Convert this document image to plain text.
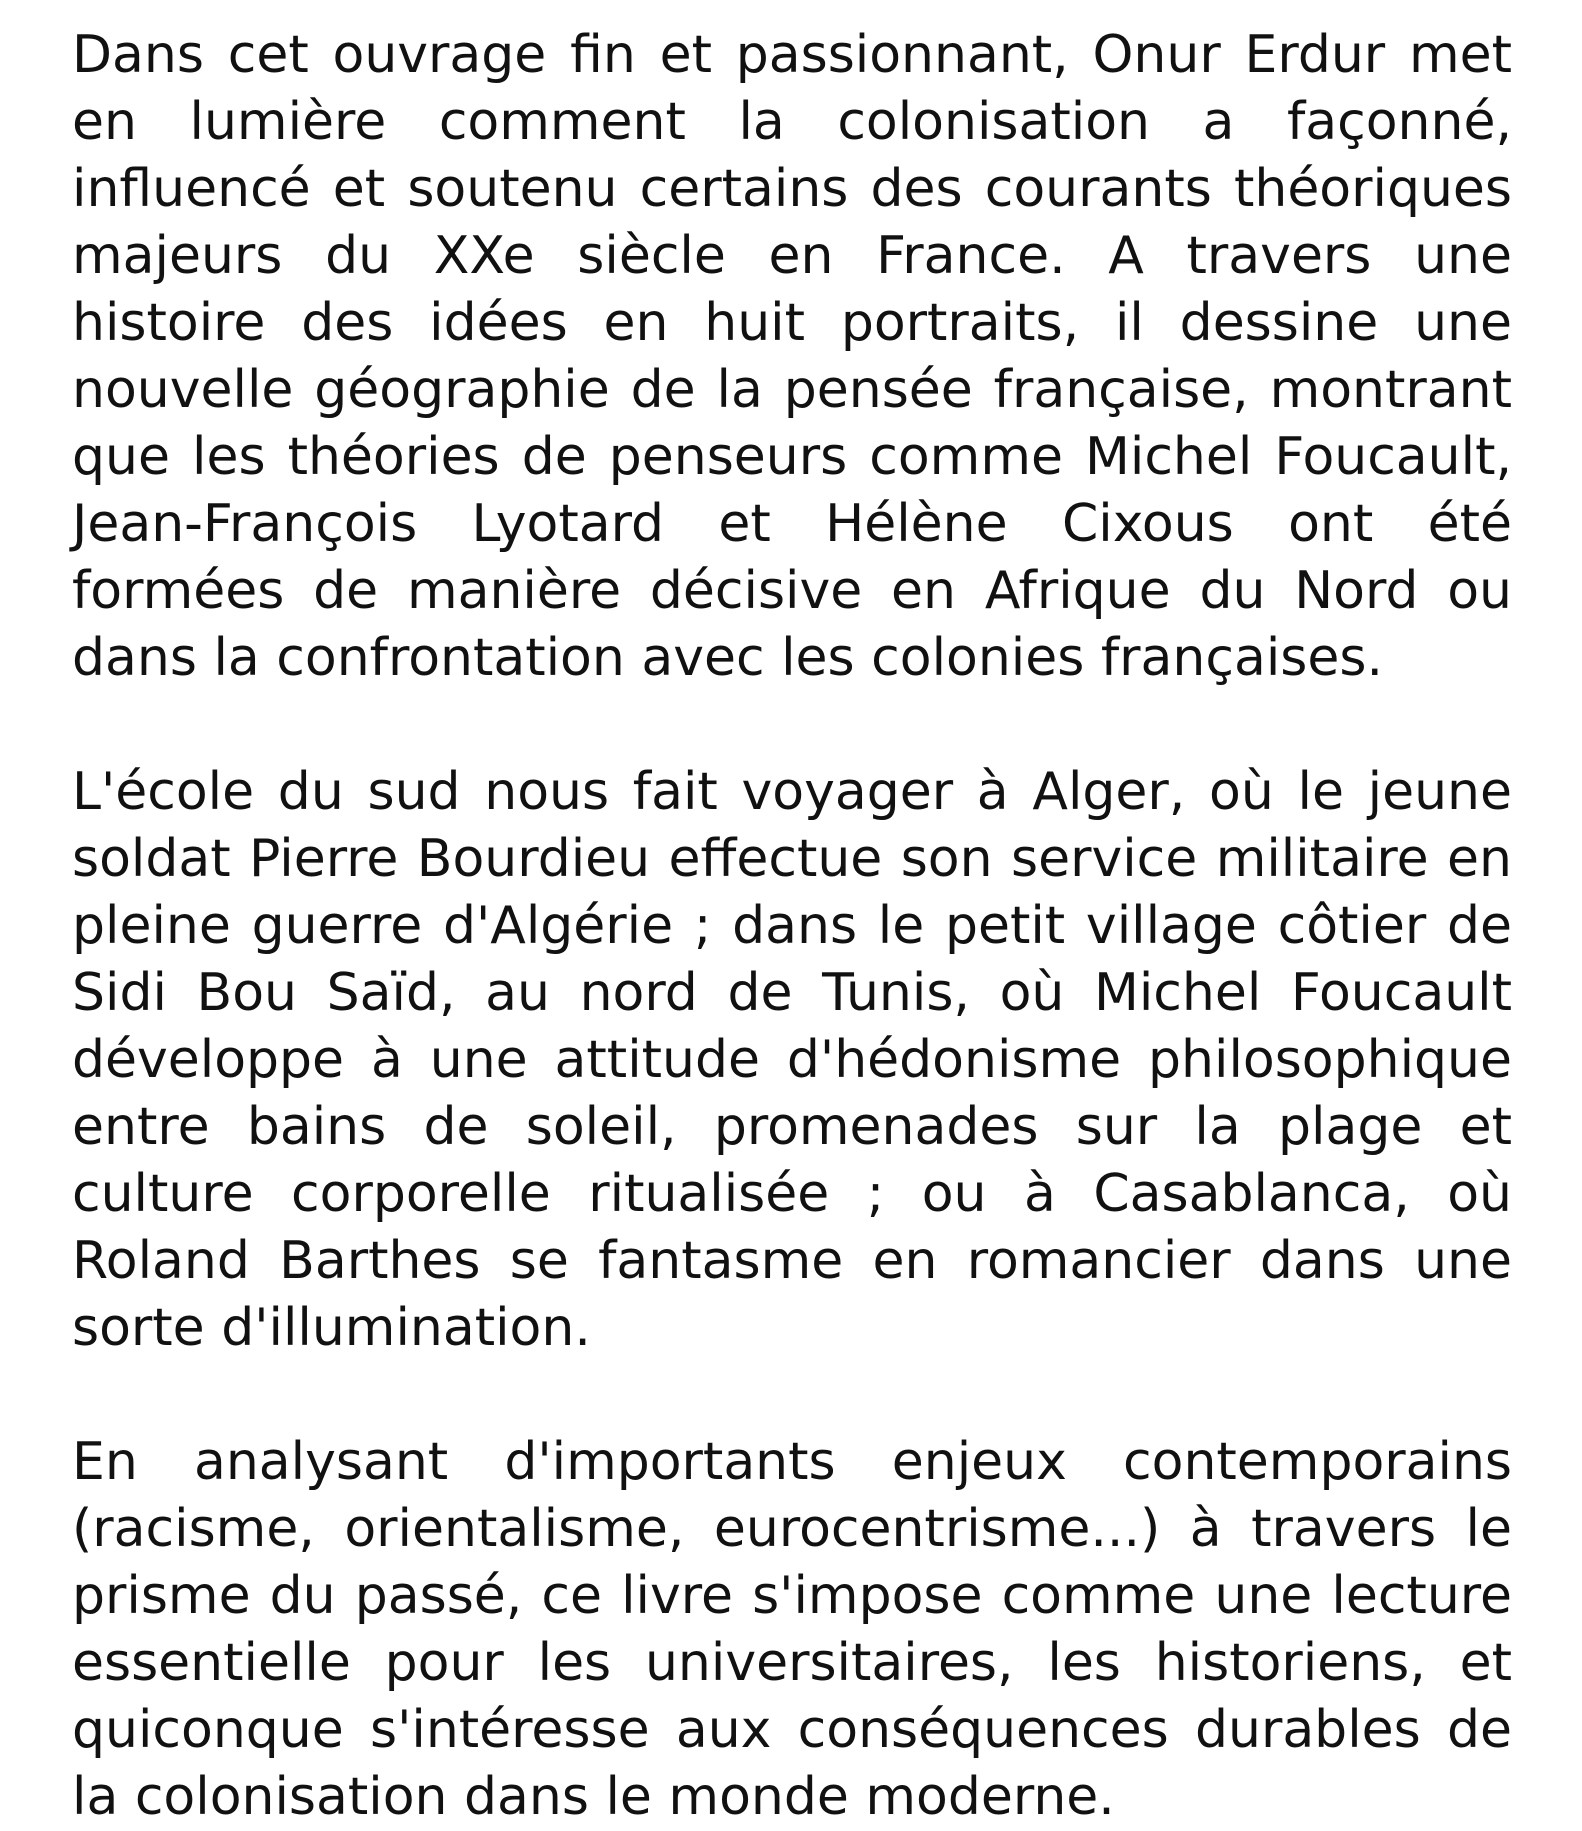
Dans cet ouvrage fin et passionnant, Onur Erdur met en lumière comment la colonisation a façonné, influencé et soutenu certains des courants théoriques majeurs du XXe siècle en France. A travers une histoire des idées en huit portraits, il dessine une nouvelle géographie de la pensée française, montrant que les théories de penseurs comme Michel Foucault, Jean-François Lyotard et Hélène Cixous ont été formées de manière décisive en Afrique du Nord ou dans la confrontation avec les colonies françaises.

L'école du sud nous fait voyager à Alger, où le jeune soldat Pierre Bourdieu effectue son service militaire en pleine guerre d'Algérie ; dans le petit village côtier de Sidi Bou Saïd, au nord de Tunis, où Michel Foucault développe à une attitude d'hédonisme philosophique entre bains de soleil, promenades sur la plage et culture corporelle ritualisée ; ou à Casablanca, où Roland Barthes se fantasme en romancier dans une sorte d'illumination.

En analysant d'importants enjeux contemporains (racisme, orientalisme, eurocentrisme...) à travers le prisme du passé, ce livre s'impose comme une lecture essentielle pour les universitaires, les historiens, et quiconque s'intéresse aux conséquences durables de la colonisation dans le monde moderne.
